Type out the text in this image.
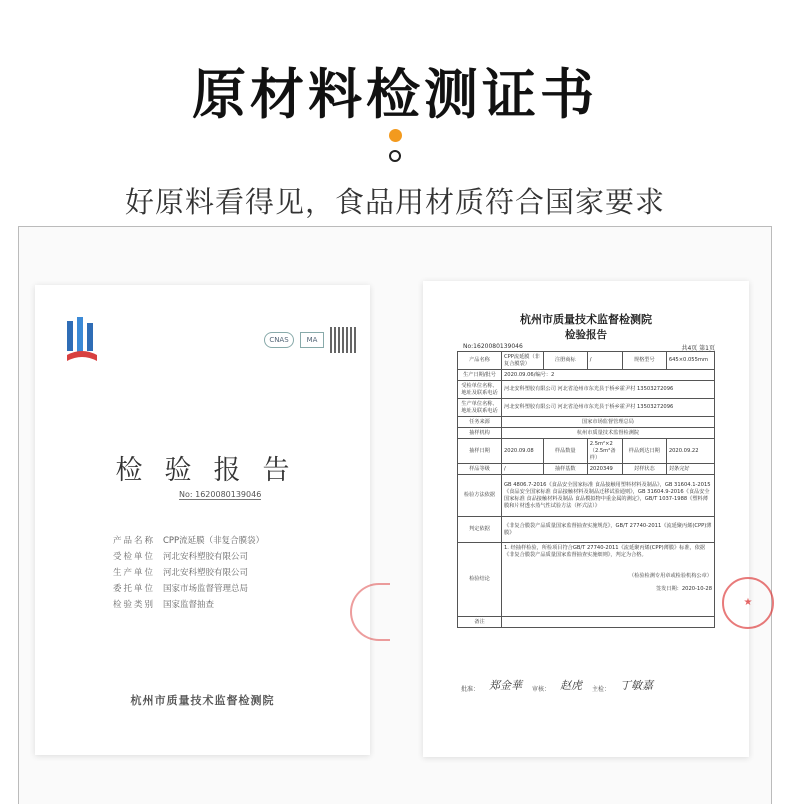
原材料检测证书
好原料看得见，食品用材质符合国家要求
CNAS	MA
检验报告
No: 1620080139046
产品名称 CPP流延膜（非复合膜袋）
受检单位 河北安科塑胶有限公司
生产单位 河北安科塑胶有限公司
委托单位 国家市场监督管理总局
检验类别 国家监督抽查
杭州市质量技术监督检测院
杭州市质量技术监督检测院
检验报告
No:1620080139046	共4页 第1页
产品名称	CPP流延膜（非复合膜袋）	注册商标	/	规格型号	645×0.055mm
生产日期/批号	2020.09.06/编号：2				
受检单位名称、地址及联系电话	河北安科塑胶有限公司 河北省沧州市东光县于桥乡霍尹村 13503272096				
生产单位名称、地址及联系电话	河北安科塑胶有限公司 河北省沧州市东光县于桥乡霍尹村 13503272096				
任务来源	国家市场监督管理总局				
抽样机构	杭州市质量技术监督检测院				
抽样日期	2020.09.08	样品数量	2.5m²×2（2.5m²备样）	样品到达日期	2020.09.22
样品等级	/	抽样基数	2020349	封样状态	封条完好
检验方法依据	GB 4806.7-2016《食品安全国家标准 食品接触用塑料材料及制品》，GB 31604.1-2015《食品安全国家标准 食品接触材料及制品迁移试验通则》，GB 31604.9-2016《食品安全国家标准 食品接触材料及制品 食品模拟物中重金属的测定》，GB/T 1037-1988《塑料薄膜和片材透水蒸气性试验方法（杯式法）》				
判定依据	《非复合膜袋产品质量国家监督抽查实施规范》，GB/T 27740-2011《流延聚丙烯(CPP)薄膜》				
检验结论	1. 经抽样检验，所检项目符合GB/T 27740-2011《流延聚丙烯(CPP)薄膜》标准，依据《非复合膜袋产品质量国家监督抽查实施细则》，判定为合格。
（检验检测专用章或检验机构公章）
签发日期：2020-10-28				

备注					
批准： 郑金華 审核： 赵虎 主检： 丁敏嘉
★
